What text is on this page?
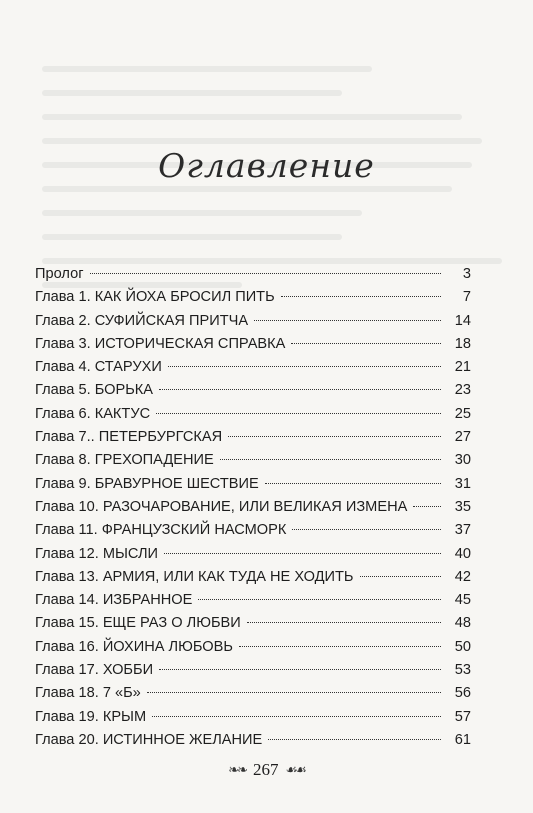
Оглавление
Пролог	3
Глава 1. КАК ЙОХА БРОСИЛ ПИТЬ	7
Глава 2. СУФИЙСКАЯ ПРИТЧА	14
Глава 3. ИСТОРИЧЕСКАЯ СПРАВКА	18
Глава 4. СТАРУХИ	21
Глава 5. БОРЬКА	23
Глава 6. КАКТУС	25
Глава 7.. ПЕТЕРБУРГСКАЯ	27
Глава 8. ГРЕХОПАДЕНИЕ	30
Глава 9. БРАВУРНОЕ ШЕСТВИЕ	31
Глава 10. РАЗОЧАРОВАНИЕ, ИЛИ ВЕЛИКАЯ ИЗМЕНА	35
Глава 11. ФРАНЦУЗСКИЙ НАСМОРК	37
Глава 12. МЫСЛИ	40
Глава 13. АРМИЯ, ИЛИ КАК ТУДА НЕ ХОДИТЬ	42
Глава 14. ИЗБРАННОЕ	45
Глава 15. ЕЩЕ РАЗ О ЛЮБВИ	48
Глава 16. ЙОХИНА ЛЮБОВЬ	50
Глава 17. ХОББИ	53
Глава 18. 7 «Б»	56
Глава 19. КРЫМ	57
Глава 20. ИСТИННОЕ ЖЕЛАНИЕ	61
❧❧ 267 ☙☙
